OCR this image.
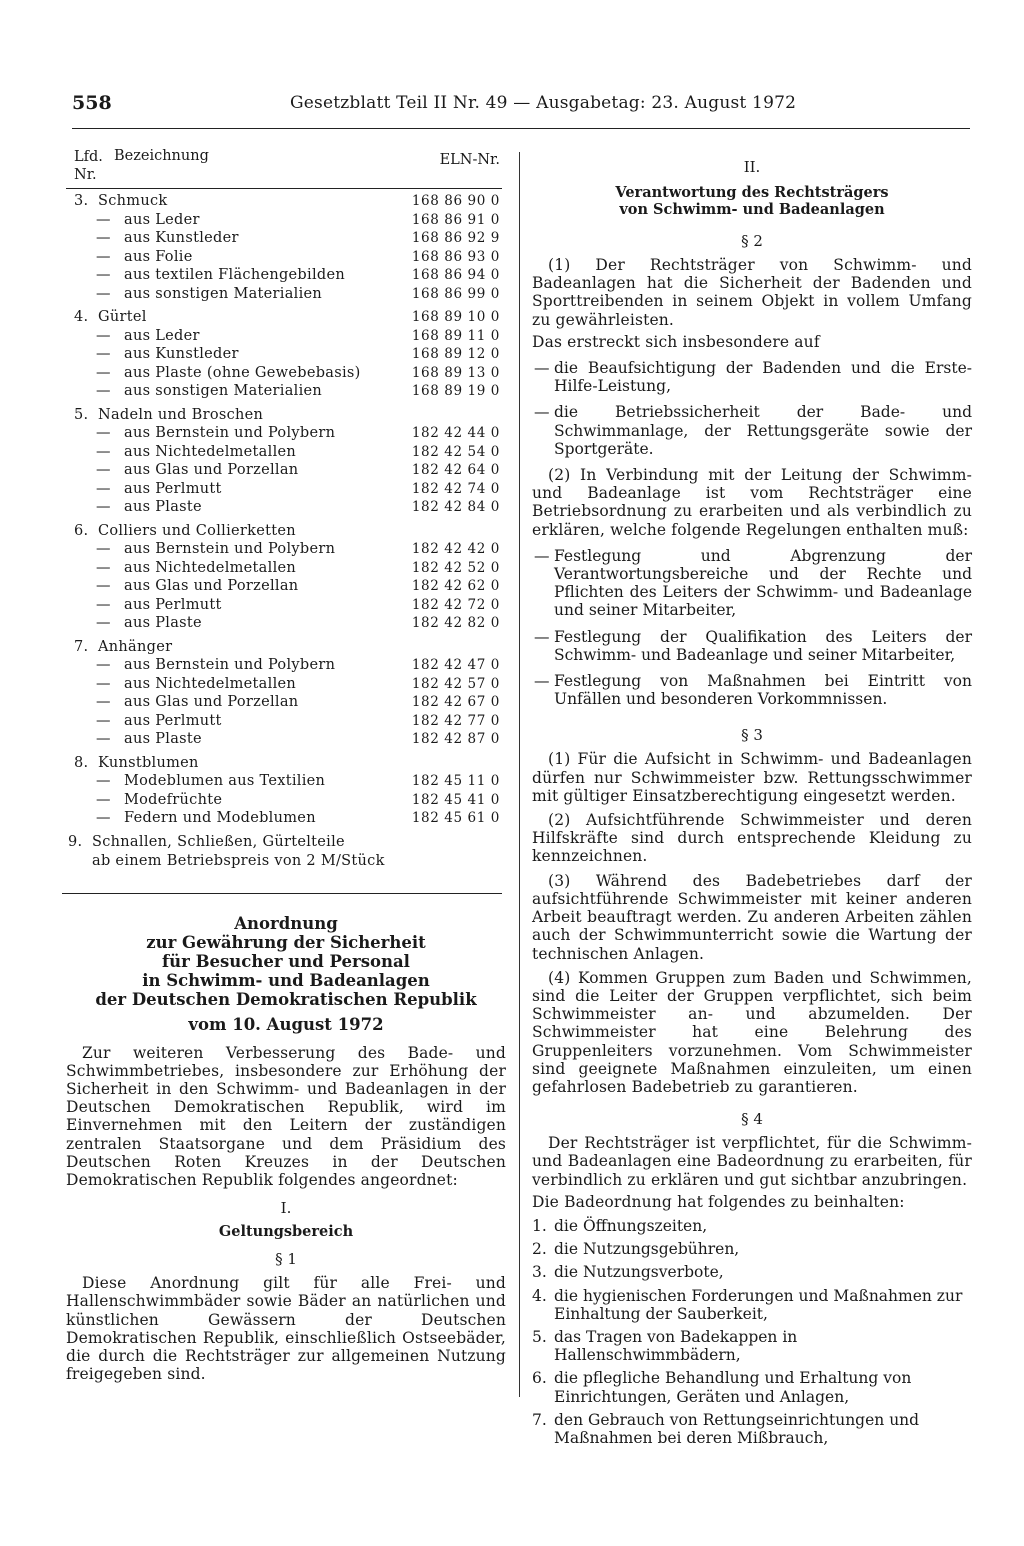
558	Gesetzblatt Teil II Nr. 49 — Ausgabetag: 23. August 1972
Lfd.
Nr.
Bezeichnung	ELN-Nr.
3. Schmuck	168 86 90 0
— aus Leder	168 86 91 0
— aus Kunstleder	168 86 92 9
— aus Folie	168 86 93 0
— aus textilen Flächengebilden	168 86 94 0
— aus sonstigen Materialien	168 86 99 0
4. Gürtel	168 89 10 0
— aus Leder	168 89 11 0
— aus Kunstleder	168 89 12 0
— aus Plaste (ohne Gewebebasis)	168 89 13 0
— aus sonstigen Materialien	168 89 19 0
5. Nadeln und Broschen
— aus Bernstein und Polybern	182 42 44 0
— aus Nichtedelmetallen	182 42 54 0
— aus Glas und Porzellan	182 42 64 0
— aus Perlmutt	182 42 74 0
— aus Plaste	182 42 84 0
6. Colliers und Collierketten
— aus Bernstein und Polybern	182 42 42 0
— aus Nichtedelmetallen	182 42 52 0
— aus Glas und Porzellan	182 42 62 0
— aus Perlmutt	182 42 72 0
— aus Plaste	182 42 82 0
7. Anhänger
— aus Bernstein und Polybern	182 42 47 0
— aus Nichtedelmetallen	182 42 57 0
— aus Glas und Porzellan	182 42 67 0
— aus Perlmutt	182 42 77 0
— aus Plaste	182 42 87 0
8. Kunstblumen
— Modeblumen aus Textilien	182 45 11 0
— Modefrüchte	182 45 41 0
— Federn und Modeblumen	182 45 61 0
9. Schnallen, Schließen, Gürtelteile
ab einem Betriebspreis von 2 M/Stück
Anordnung
zur Gewährung der Sicherheit
für Besucher und Personal
in Schwimm- und Badeanlagen
der Deutschen Demokratischen Republik
vom 10. August 1972

Zur weiteren Verbesserung des Bade- und Schwimmbetriebes, insbesondere zur Erhöhung der Sicherheit in den Schwimm- und Badeanlagen in der Deutschen Demokratischen Republik, wird im Einvernehmen mit den Leitern der zuständigen zentralen Staatsorgane und dem Präsidium des Deutschen Roten Kreuzes in der Deutschen Demokratischen Republik folgendes angeordnet:

I.
Geltungsbereich
§ 1

Diese Anordnung gilt für alle Frei- und Hallenschwimmbäder sowie Bäder an natürlichen und künstlichen Gewässern der Deutschen Demokratischen Republik, einschließlich Ostseebäder, die durch die Rechtsträger zur allgemeinen Nutzung freigegeben sind.

II.
Verantwortung des Rechtsträgers
von Schwimm- und Badeanlagen
§ 2

(1) Der Rechtsträger von Schwimm- und Badeanlagen hat die Sicherheit der Badenden und Sporttreibenden in seinem Objekt in vollem Umfang zu gewährleisten.

Das erstreckt sich insbesondere auf

— die Beaufsichtigung der Badenden und die Erste-Hilfe-Leistung,
— die Betriebssicherheit der Bade- und Schwimmanlage, der Rettungsgeräte sowie der Sportgeräte.

(2) In Verbindung mit der Leitung der Schwimm- und Badeanlage ist vom Rechtsträger eine Betriebsordnung zu erarbeiten und als verbindlich zu erklären, welche folgende Regelungen enthalten muß:

— Festlegung und Abgrenzung der Verantwortungsbereiche und der Rechte und Pflichten des Leiters der Schwimm- und Badeanlage und seiner Mitarbeiter,
— Festlegung der Qualifikation des Leiters der Schwimm- und Badeanlage und seiner Mitarbeiter,
— Festlegung von Maßnahmen bei Eintritt von Unfällen und besonderen Vorkommnissen.
§ 3

(1) Für die Aufsicht in Schwimm- und Badeanlagen dürfen nur Schwimmeister bzw. Rettungsschwimmer mit gültiger Einsatzberechtigung eingesetzt werden.

(2) Aufsichtführende Schwimmeister und deren Hilfskräfte sind durch entsprechende Kleidung zu kennzeichnen.

(3) Während des Badebetriebes darf der aufsichtführende Schwimmeister mit keiner anderen Arbeit beauftragt werden. Zu anderen Arbeiten zählen auch der Schwimmunterricht sowie die Wartung der technischen Anlagen.

(4) Kommen Gruppen zum Baden und Schwimmen, sind die Leiter der Gruppen verpflichtet, sich beim Schwimmeister an- und abzumelden. Der Schwimmeister hat eine Belehrung des Gruppenleiters vorzunehmen. Vom Schwimmeister sind geeignete Maßnahmen einzuleiten, um einen gefahrlosen Badebetrieb zu garantieren.

§ 4

Der Rechtsträger ist verpflichtet, für die Schwimm- und Badeanlagen eine Badeordnung zu erarbeiten, für verbindlich zu erklären und gut sichtbar anzubringen.

Die Badeordnung hat folgendes zu beinhalten:

1. die Öffnungszeiten,
2. die Nutzungsgebühren,
3. die Nutzungsverbote,
4. die hygienischen Forderungen und Maßnahmen zur Einhaltung der Sauberkeit,
5. das Tragen von Badekappen in Hallenschwimmbädern,
6. die pflegliche Behandlung und Erhaltung von Einrichtungen, Geräten und Anlagen,
7. den Gebrauch von Rettungseinrichtungen und Maßnahmen bei deren Mißbrauch,
